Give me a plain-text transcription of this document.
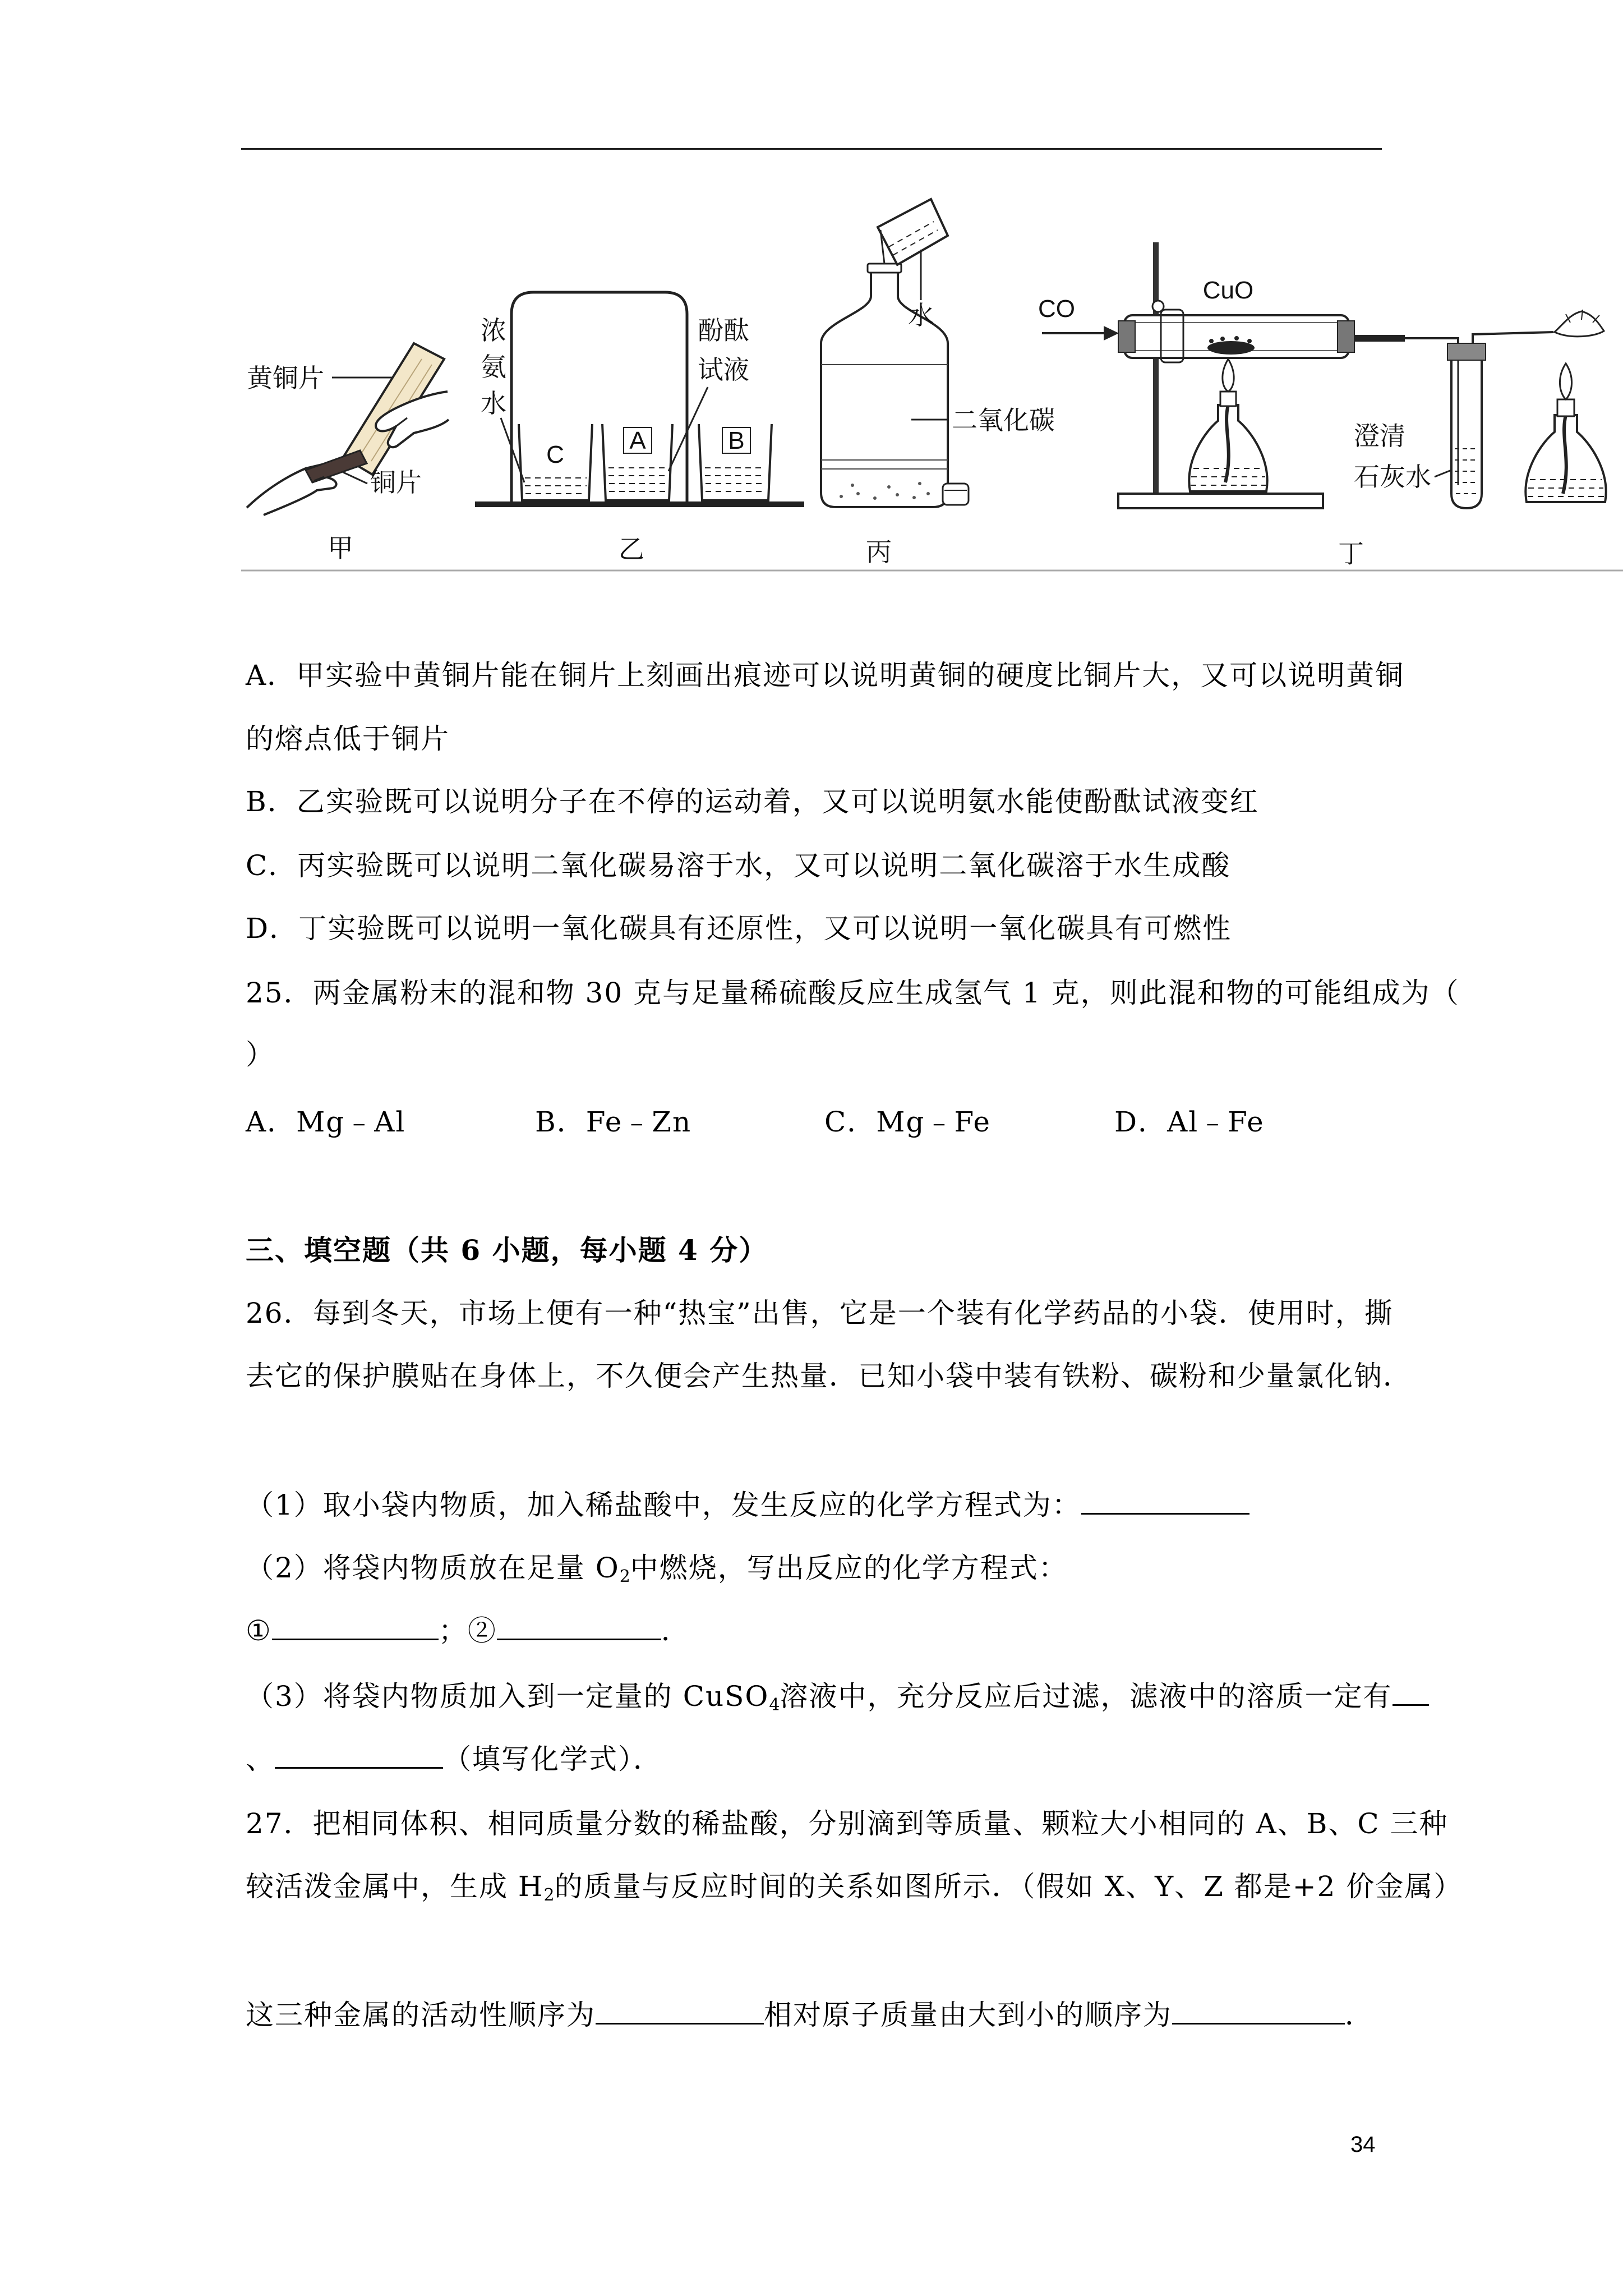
黄铜片
铜片
甲
C
A	B
浓
氨
水
酚酞
试液
乙
水
二氧化碳
丙
CO
CuO
澄清
石灰水
丁
A．甲实验中黄铜片能在铜片上刻画出痕迹可以说明黄铜的硬度比铜片大，又可以说明黄铜
的熔点低于铜片
B．乙实验既可以说明分子在不停的运动着，又可以说明氨水能使酚酞试液变红
C．丙实验既可以说明二氧化碳易溶于水，又可以说明二氧化碳溶于水生成酸
D．丁实验既可以说明一氧化碳具有还原性，又可以说明一氧化碳具有可燃性
25．两金属粉末的混和物 30 克与足量稀硫酸反应生成氢气 1 克，则此混和物的可能组成为（
）
A．Mg﹣Al	B．Fe﹣Zn	C．Mg﹣Fe	D．Al﹣Fe
三、填空题（共 6 小题，每小题 4 分）
26．每到冬天，市场上便有一种“热宝”出售，它是一个装有化学药品的小袋．使用时，撕
去它的保护膜贴在身体上，不久便会产生热量．已知小袋中装有铁粉、碳粉和少量氯化钠．
（1）取小袋内物质，加入稀盐酸中，发生反应的化学方程式为：
（2）将袋内物质放在足量 $O_2$中燃烧，写出反应的化学方程式：
①	；②	．
（3）将袋内物质加入到一定量的 CuSO$_4$溶液中，充分反应后过滤，滤液中的溶质一定有
、	（填写化学式）．
27．把相同体积、相同质量分数的稀盐酸，分别滴到等质量、颗粒大小相同的 A、B、C 三种
较活泼金属中，生成 $H_2$的质量与反应时间的关系如图所示．（假如 X、Y、Z 都是+2 价金属）
这三种金属的活动性顺序为	相对原子质量由大到小的顺序为	．
34
